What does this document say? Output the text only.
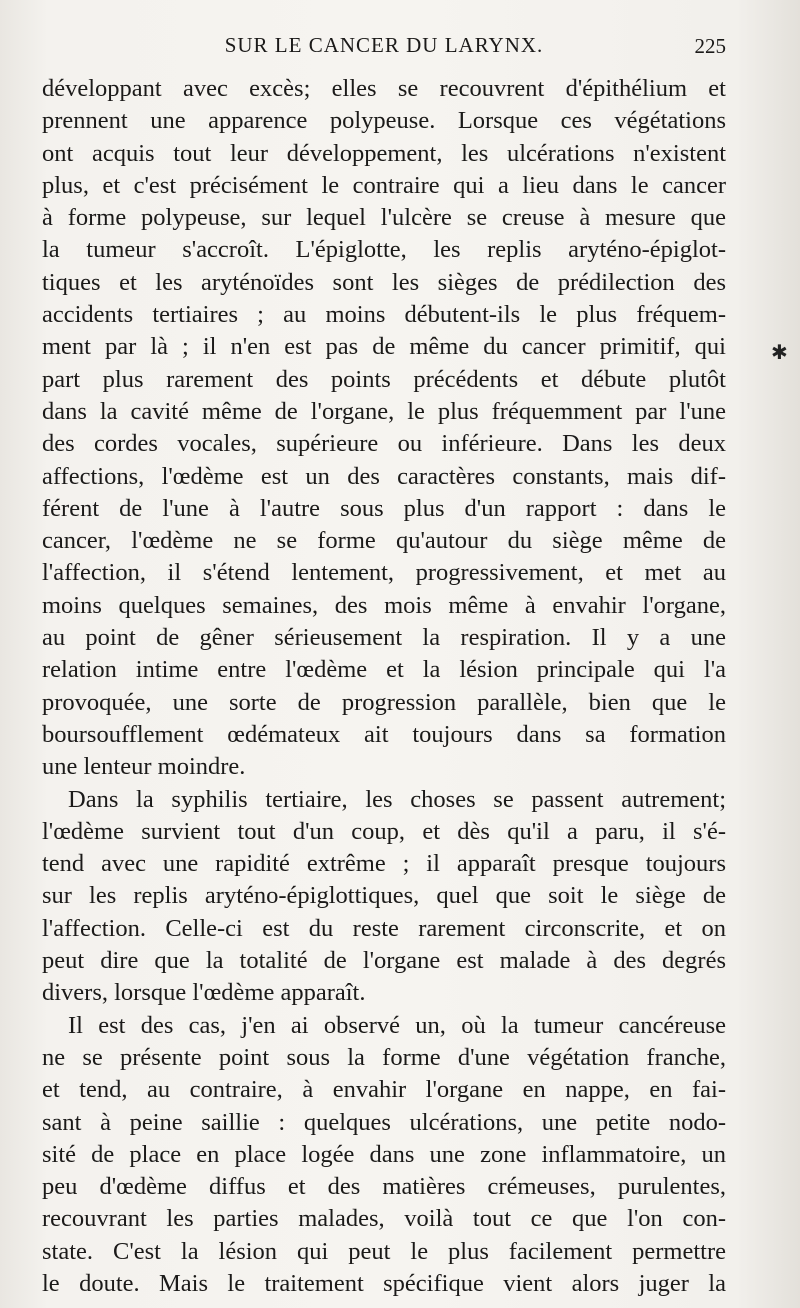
SUR LE CANCER DU LARYNX.	225
développant avec excès; elles se recouvrent d'épithélium et
prennent une apparence polypeuse. Lorsque ces végétations
ont acquis tout leur développement, les ulcérations n'existent
plus, et c'est précisément le contraire qui a lieu dans le cancer
à forme polypeuse, sur lequel l'ulcère se creuse à mesure que
la tumeur s'accroît. L'épiglotte, les replis aryténo-épiglot-
tiques et les aryténoïdes sont les sièges de prédilection des
accidents tertiaires ; au moins débutent-ils le plus fréquem-
ment par là ; il n'en est pas de même du cancer primitif, qui
part plus rarement des points précédents et débute plutôt
dans la cavité même de l'organe, le plus fréquemment par l'une
des cordes vocales, supérieure ou inférieure. Dans les deux
affections, l'œdème est un des caractères constants, mais dif-
férent de l'une à l'autre sous plus d'un rapport : dans le
cancer, l'œdème ne se forme qu'autour du siège même de
l'affection, il s'étend lentement, progressivement, et met au
moins quelques semaines, des mois même à envahir l'organe,
au point de gêner sérieusement la respiration. Il y a une
relation intime entre l'œdème et la lésion principale qui l'a
provoquée, une sorte de progression parallèle, bien que le
boursoufflement œdémateux ait toujours dans sa formation
une lenteur moindre.
Dans la syphilis tertiaire, les choses se passent autrement;
l'œdème survient tout d'un coup, et dès qu'il a paru, il s'é-
tend avec une rapidité extrême ; il apparaît presque toujours
sur les replis aryténo-épiglottiques, quel que soit le siège de
l'affection. Celle-ci est du reste rarement circonscrite, et on
peut dire que la totalité de l'organe est malade à des degrés
divers, lorsque l'œdème apparaît.
Il est des cas, j'en ai observé un, où la tumeur cancéreuse
ne se présente point sous la forme d'une végétation franche,
et tend, au contraire, à envahir l'organe en nappe, en fai-
sant à peine saillie : quelques ulcérations, une petite nodo-
sité de place en place logée dans une zone inflammatoire, un
peu d'œdème diffus et des matières crémeuses, purulentes,
recouvrant les parties malades, voilà tout ce que l'on con-
state. C'est la lésion qui peut le plus facilement permettre
le doute. Mais le traitement spécifique vient alors juger la
✱
